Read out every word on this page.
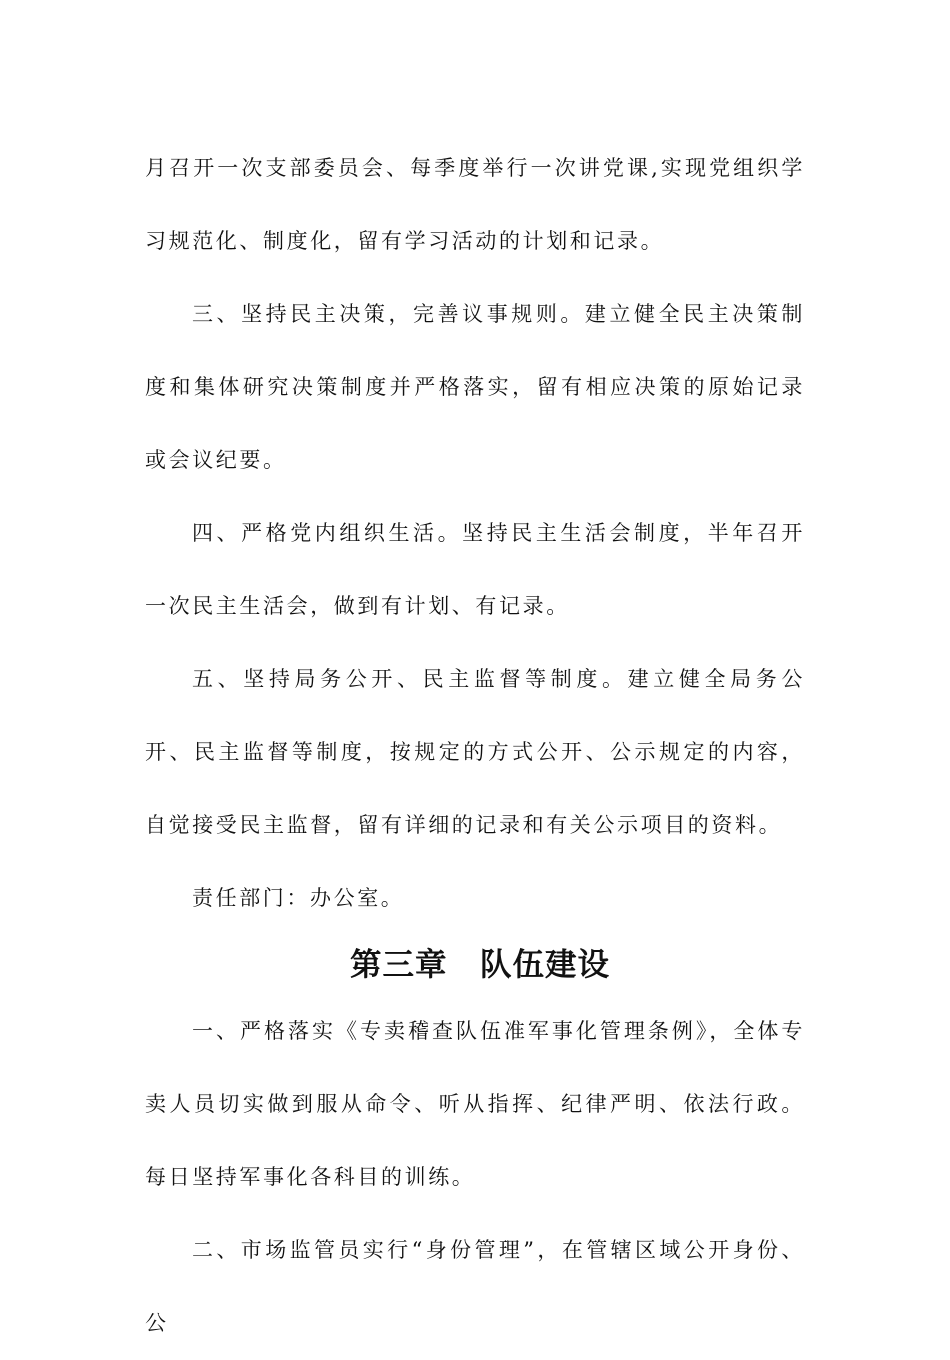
月召开一次支部委员会、每季度举行一次讲党课,实现党组织学习规范化、制度化，留有学习活动的计划和记录。

三、坚持民主决策，完善议事规则。建立健全民主决策制度和集体研究决策制度并严格落实，留有相应决策的原始记录或会议纪要。

四、严格党内组织生活。坚持民主生活会制度，半年召开一次民主生活会，做到有计划、有记录。

五、坚持局务公开、民主监督等制度。建立健全局务公开、民主监督等制度，按规定的方式公开、公示规定的内容，自觉接受民主监督，留有详细的记录和有关公示项目的资料。

责任部门：办公室。

第三章　队伍建设

一、严格落实《专卖稽查队伍准军事化管理条例》，全体专卖人员切实做到服从命令、听从指挥、纪律严明、依法行政。每日坚持军事化各科目的训练。

二、市场监管员实行“身份管理”，在管辖区域公开身份、公
